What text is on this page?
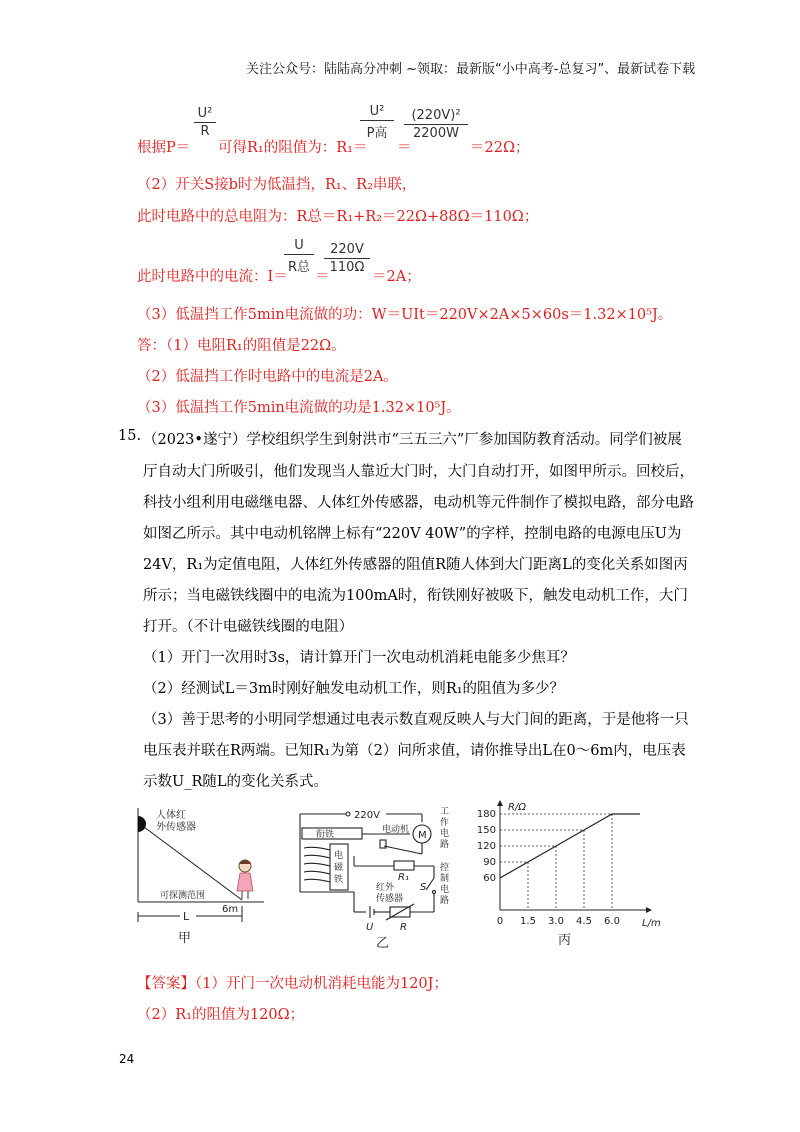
关注公众号：陆陆高分冲刺 ~领取：最新版“小中高考-总复习”、最新试卷下载
根据P＝
U²
R
可得R₁的阻值为：R₁＝
U²
P高
＝
(220V)²
2200W
＝22Ω；
（2）开关S接b时为低温挡，R₁、R₂串联，
此时电路中的总电阻为：R总＝R₁+R₂＝22Ω+88Ω＝110Ω；
此时电路中的电流：I＝
U
R总
＝
220V
110Ω
＝2A；
（3）低温挡工作5min电流做的功：W＝UIt＝220V×2A×5×60s＝1.32×10⁵J。
答：（1）电阻R₁的阻值是22Ω。
（2）低温挡工作时电路中的电流是2A。
（3）低温挡工作5min电流做的功是1.32×10⁵J。
15. （2023•遂宁）学校组织学生到射洪市“三五三六”厂参加国防教育活动。同学们被展
厅自动大门所吸引，他们发现当人靠近大门时，大门自动打开，如图甲所示。回校后，
科技小组利用电磁继电器、人体红外传感器，电动机等元件制作了模拟电路，部分电路
如图乙所示。其中电动机铭牌上标有“220V 40W”的字样，控制电路的电源电压U为
24V，R₁为定值电阻，人体红外传感器的阻值R随人体到大门距离L的变化关系如图丙
所示；当电磁铁线圈中的电流为100mA时，衔铁刚好被吸下，触发电动机工作，大门
打开。（不计电磁铁线圈的电阻）
（1）开门一次用时3s，请计算开门一次电动机消耗电能多少焦耳？
（2）经测试L＝3m时刚好触发电动机工作，则R₁的阻值为多少？
（3）善于思考的小明同学想通过电表示数直观反映人与大门间的距离，于是他将一只
电压表并联在R两端。已知R₁为第（2）问所求值，请你推导出L在0～6m内，电压表
示数U_R随L的变化关系式。
人体红
外传感器
可探测范围
6m
L
甲
220V
M
电动机
衔铁
电
磁
铁
工
作
电
路
控
制
电
路
R₁
S
红外
传感器
U	R
乙
0 1.5 3.0 4.5 6.0
60
90
120
150
180
L/m
R/Ω
丙
【答案】（1）开门一次电动机消耗电能为120J；
（2）R₁的阻值为120Ω；
24
